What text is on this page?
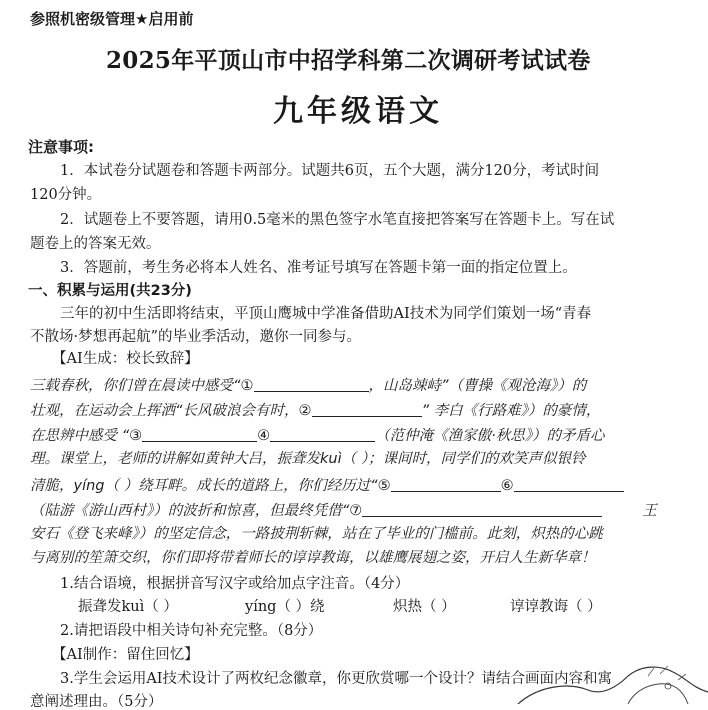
参照机密级管理★启用前
2025年平顶山市中招学科第二次调研考试试卷
九年级语文
注意事项:
1．本试卷分试题卷和答题卡两部分。试题共6页，五个大题，满分120分，考试时间
120分钟。
2．试题卷上不要答题，请用0.5毫米的黑色签字水笔直接把答案写在答题卡上。写在试
题卷上的答案无效。
3．答题前，考生务必将本人姓名、准考证号填写在答题卡第一面的指定位置上。
一、积累与运用(共23分)
三年的初中生活即将结束，平顶山鹰城中学准备借助AI技术为同学们策划一场“青春
不散场·梦想再起航”的毕业季活动，邀你一同参与。
【AI生成：校长致辞】
三载春秋，你们曾在晨读中感受“①	，山岛竦峙”（曹操《观沧海》）的
壮观，在运动会上挥洒“长风破浪会有时，②	” 李白《行路难》）的豪情，
在思辨中感受 “③	④	（范仲淹《渔家傲·秋思》）的矛盾心
理。课堂上，老师的讲解如黄钟大吕，振聋发kuì（ ）；课间时，同学们的欢笑声似银铃
清脆，yíng（ ）绕耳畔。成长的道路上，你们经历过“⑤	⑥
（陆游《游山西村》）的波折和惊喜，但最终凭借“⑦	王
安石《登飞来峰》）的坚定信念，一路披荆斩棘，站在了毕业的门槛前。此刻，炽热的心跳
与离别的笙箫交织，你们即将带着师长的谆谆教诲，以雄鹰展翅之姿，开启人生新华章！
1.结合语境，根据拼音写汉字或给加点字注音。（4分）
振聋发kuì（ ）	yíng（ ）绕	炽热（ ）	谆谆教诲（ ）
2.请把语段中相关诗句补充完整。（8分）
【AI制作：留住回忆】
3.学生会运用AI技术设计了两枚纪念徽章，你更欣赏哪一个设计？请结合画面内容和寓
意阐述理由。（5分）
